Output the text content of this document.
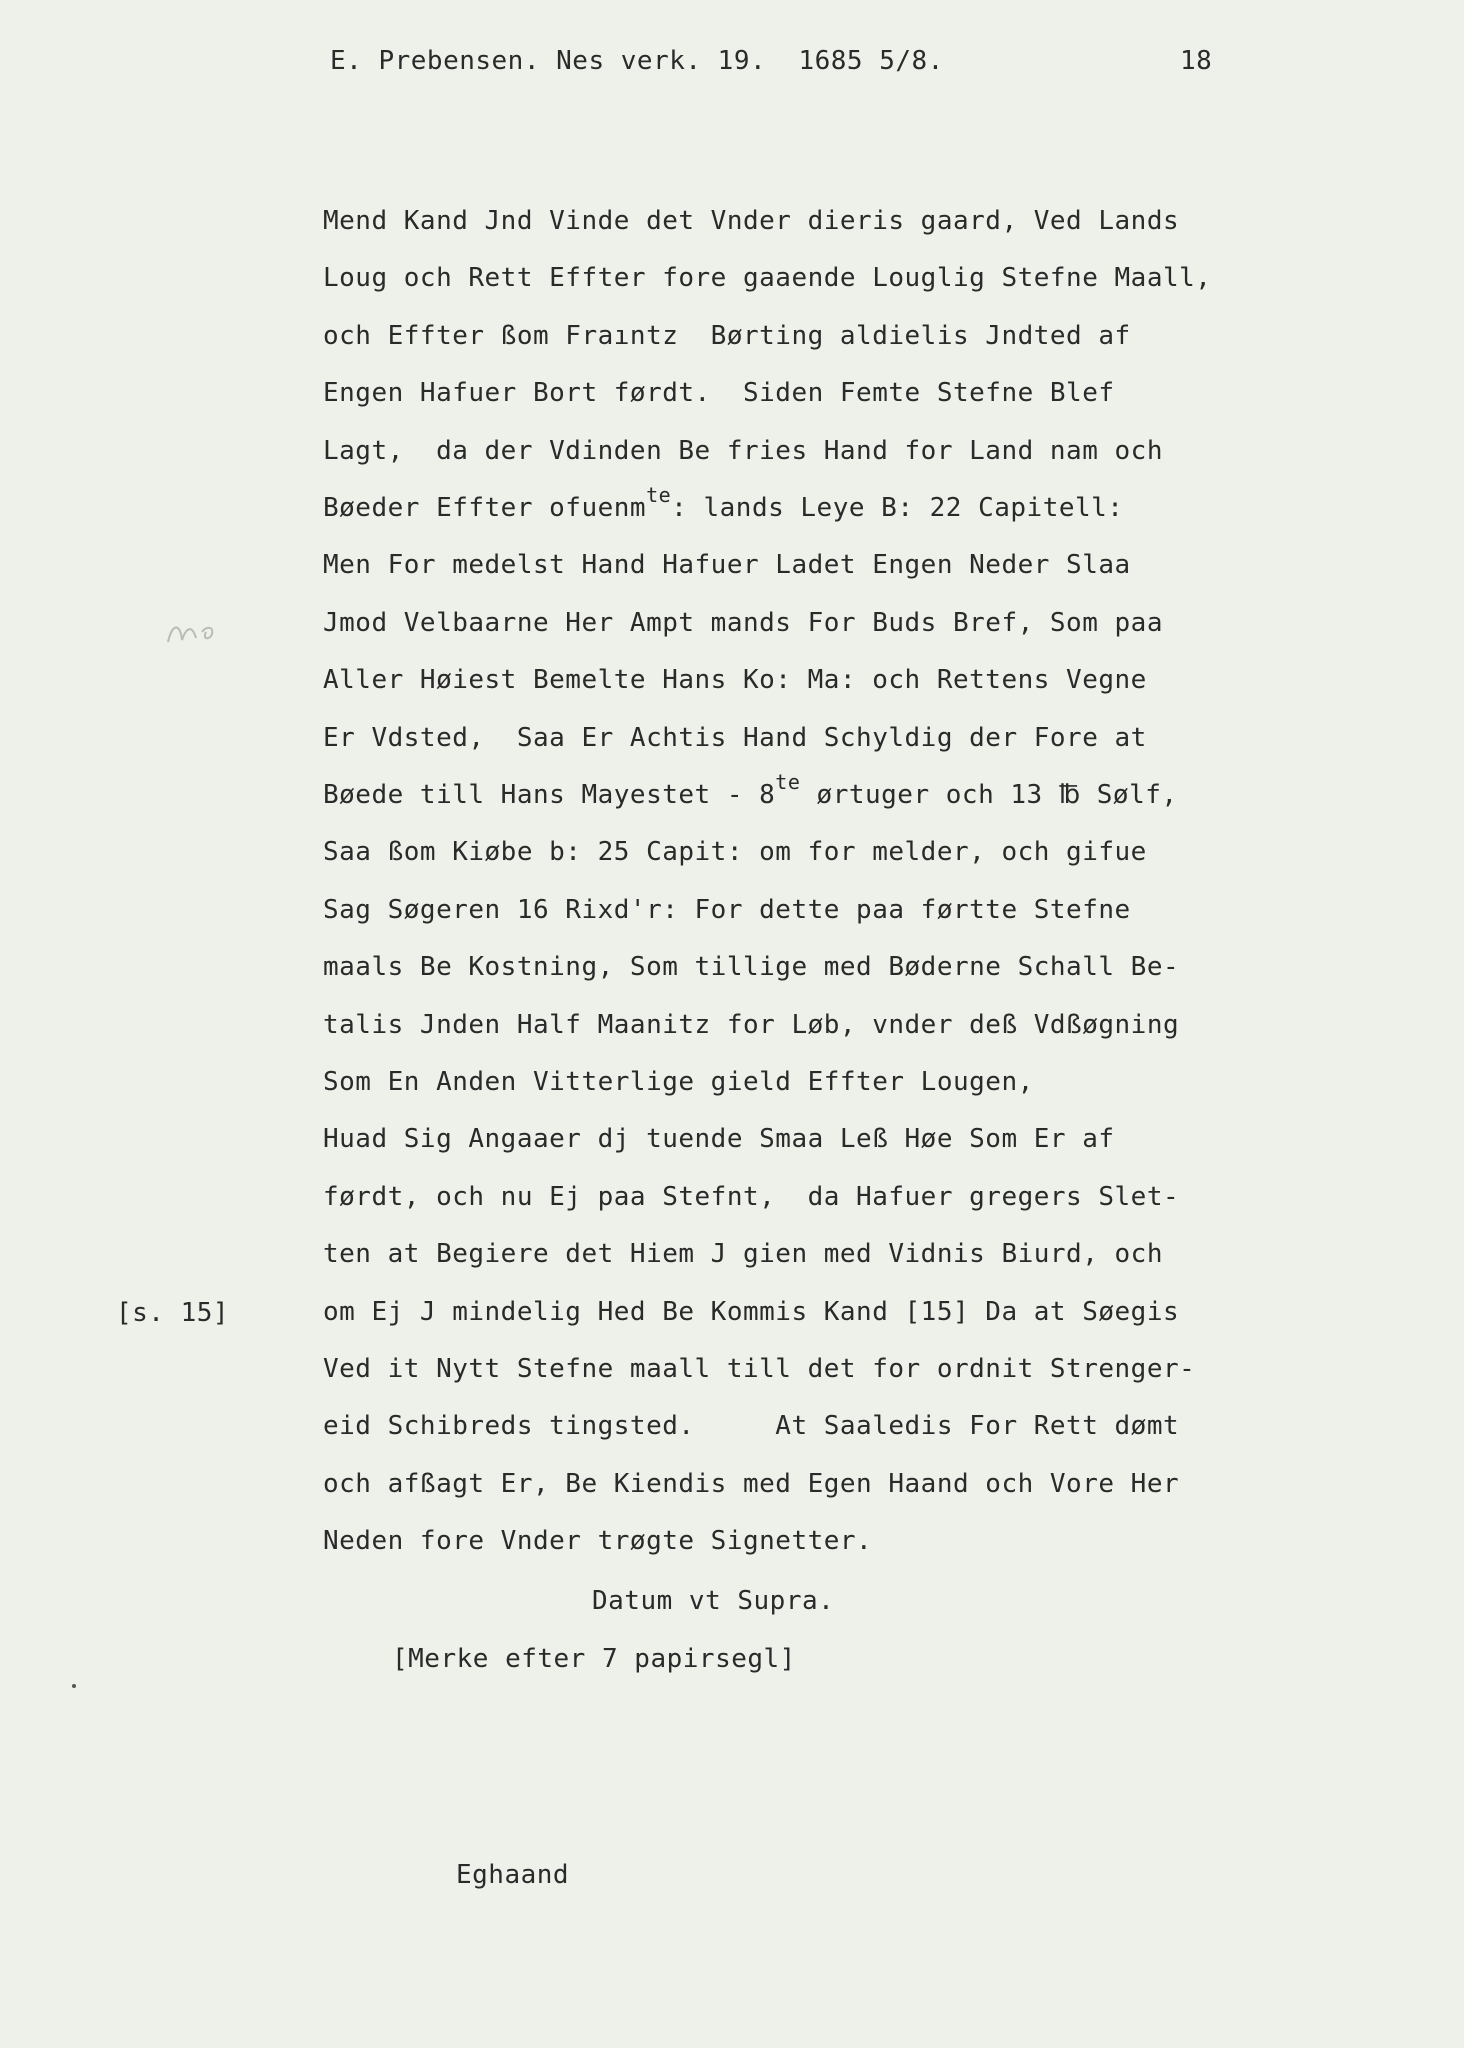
E. Prebensen. Nes verk. 19.  1685 5/8.	18
Mend Kand Jnd Vinde det Vnder dieris gaard, Ved Lands
Loug och Rett Effter fore gaaende Louglig Stefne Maall,
och Effter ßom Fraıntz  Børting aldielis Jndted af
Engen Hafuer Bort førdt.  Siden Femte Stefne Blef
Lagt,  da der Vdinden Be fries Hand for Land nam och
Bøeder Effter ofuenm$^{te}$: lands Leye B: 22 Capitell:
Men For medelst Hand Hafuer Ladet Engen Neder Slaa
Jmod Velbaarne Her Ampt mands For Buds Bref, Som paa
Aller Høiest Bemelte Hans Ko: Ma: och Rettens Vegne
Er Vdsted,  Saa Er Achtis Hand Schyldig der Fore at
Bøede till Hans Mayestet - $8^{te}$ ørtuger och 13 ℔ Sølf,
Saa ßom Kiøbe b: 25 Capit: om for melder, och gifue
Sag Søgeren 16 Rixd'r: For dette paa førtte Stefne
maals Be Kostning, Som tillige med Bøderne Schall Be-
talis Jnden Half Maanitz for Løb, vnder deß Vdßøgning
Som En Anden Vitterlige gield Effter Lougen,
Huad Sig Angaaer dj tuende Smaa Leß Høe Som Er af
førdt, och nu Ej paa Stefnt,  da Hafuer gregers Slet-
ten at Begiere det Hiem J gien med Vidnis Biurd, och
om Ej J mindelig Hed Be Kommis Kand [15] Da at Søegis
Ved it Nytt Stefne maall till det for ordnit Strenger-
eid Schibreds tingsted.     At Saaledis For Rett dømt
och afßagt Er, Be Kiendis med Egen Haand och Vore Her
Neden fore Vnder trøgte Signetter.
[s. 15]
Datum vt Supra.
[Merke efter 7 papirsegl]
Eghaand
